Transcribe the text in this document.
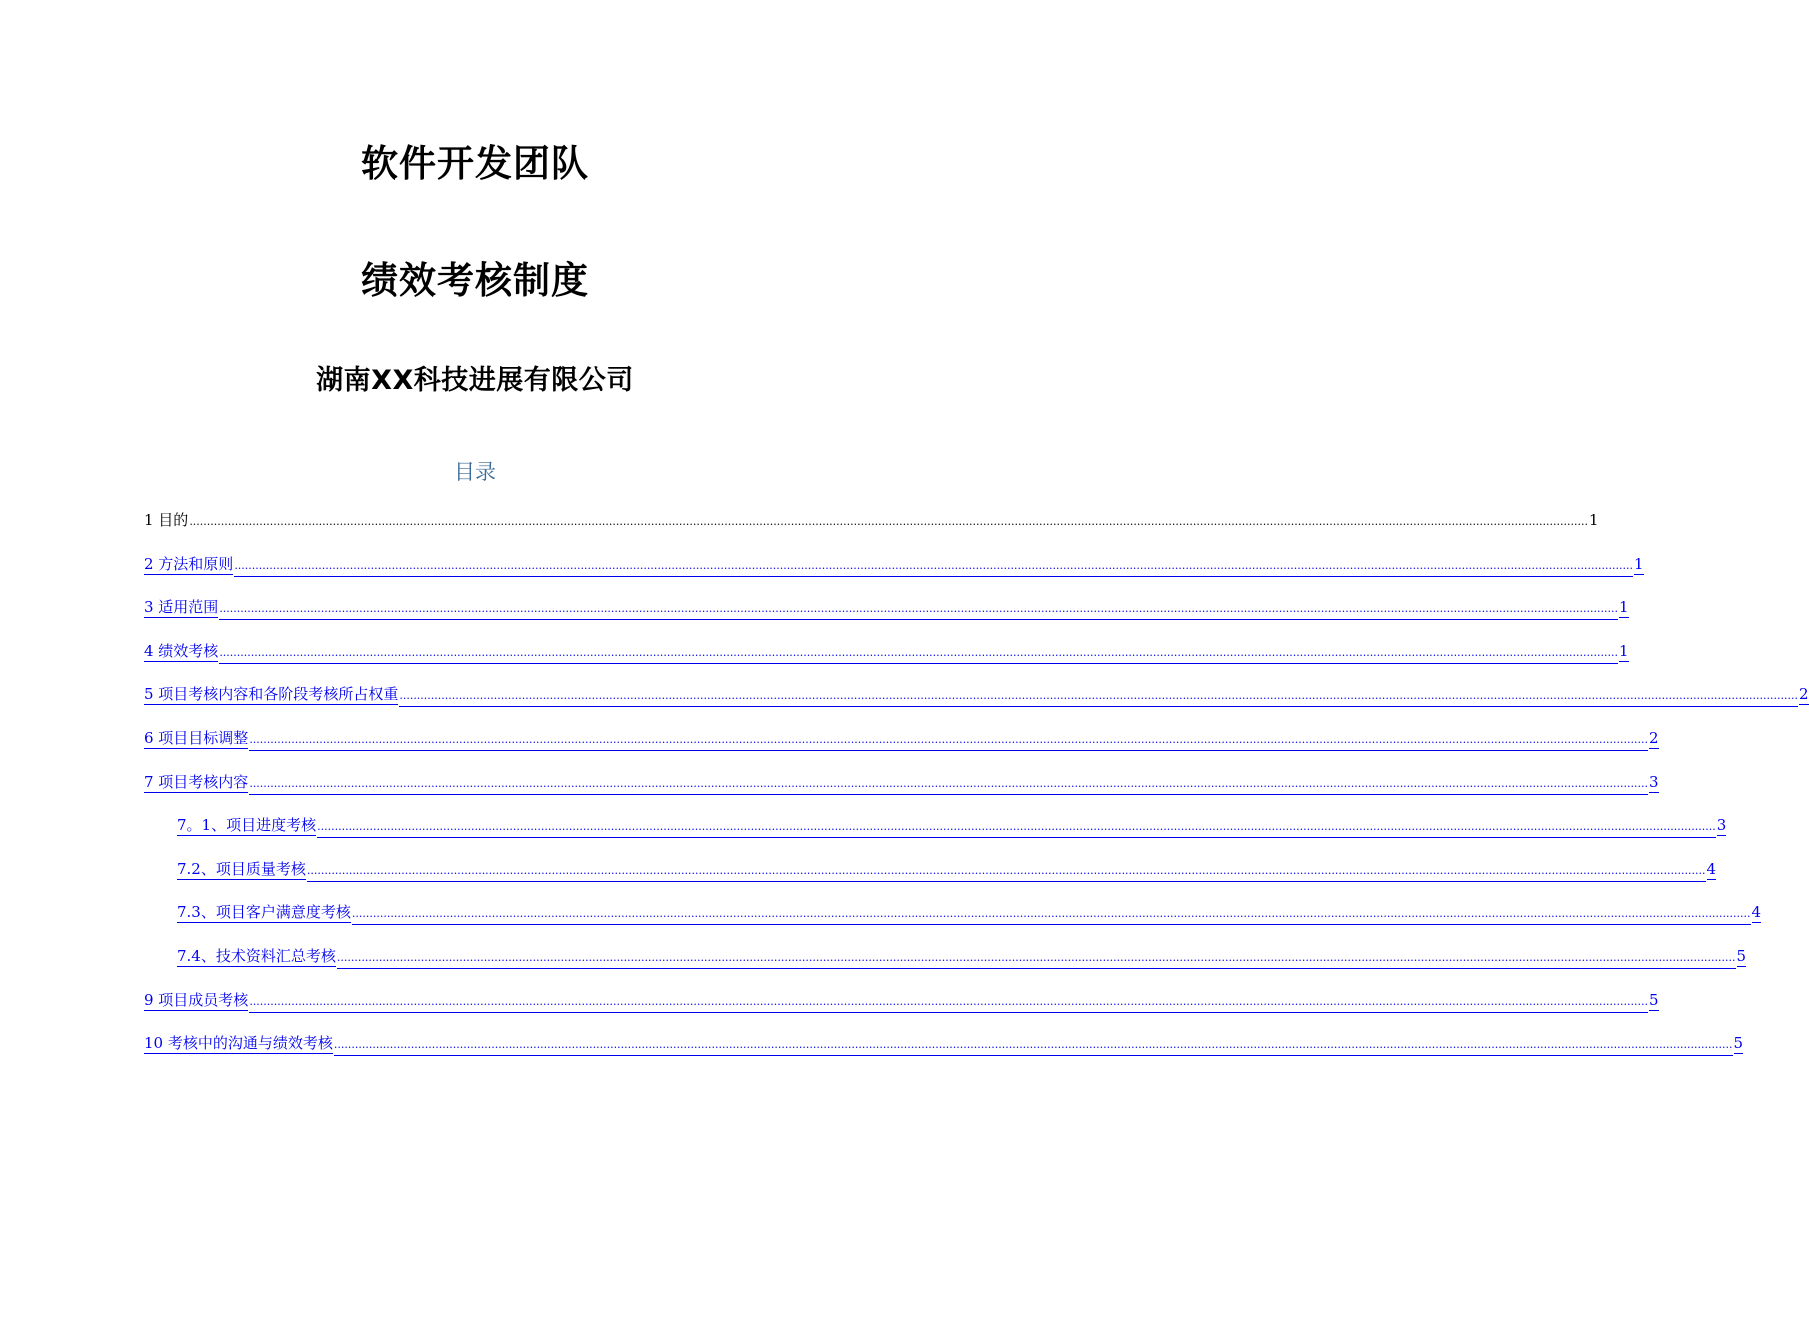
软件开发团队
绩效考核制度
湖南XX科技进展有限公司
目录
1 目的 ................................................................................................................................................................................................................................................................................................................................................................................................................ 1
2 方法和原则 ................................................................................................................................................................................................................................................................................................................................................................................................................ 1
3 适用范围 ................................................................................................................................................................................................................................................................................................................................................................................................................ 1
4 绩效考核 ................................................................................................................................................................................................................................................................................................................................................................................................................ 1
5 项目考核内容和各阶段考核所占权重 ................................................................................................................................................................................................................................................................................................................................................................................................................ 2
6 项目目标调整 ................................................................................................................................................................................................................................................................................................................................................................................................................ 2
7 项目考核内容 ................................................................................................................................................................................................................................................................................................................................................................................................................ 3
7。1、项目进度考核 ................................................................................................................................................................................................................................................................................................................................................................................................................ 3
7.2、项目质量考核 ................................................................................................................................................................................................................................................................................................................................................................................................................ 4
7.3、项目客户满意度考核 ................................................................................................................................................................................................................................................................................................................................................................................................................ 4
7.4、技术资料汇总考核 ................................................................................................................................................................................................................................................................................................................................................................................................................ 5
9 项目成员考核 ................................................................................................................................................................................................................................................................................................................................................................................................................ 5
10 考核中的沟通与绩效考核 ................................................................................................................................................................................................................................................................................................................................................................................................................ 5
